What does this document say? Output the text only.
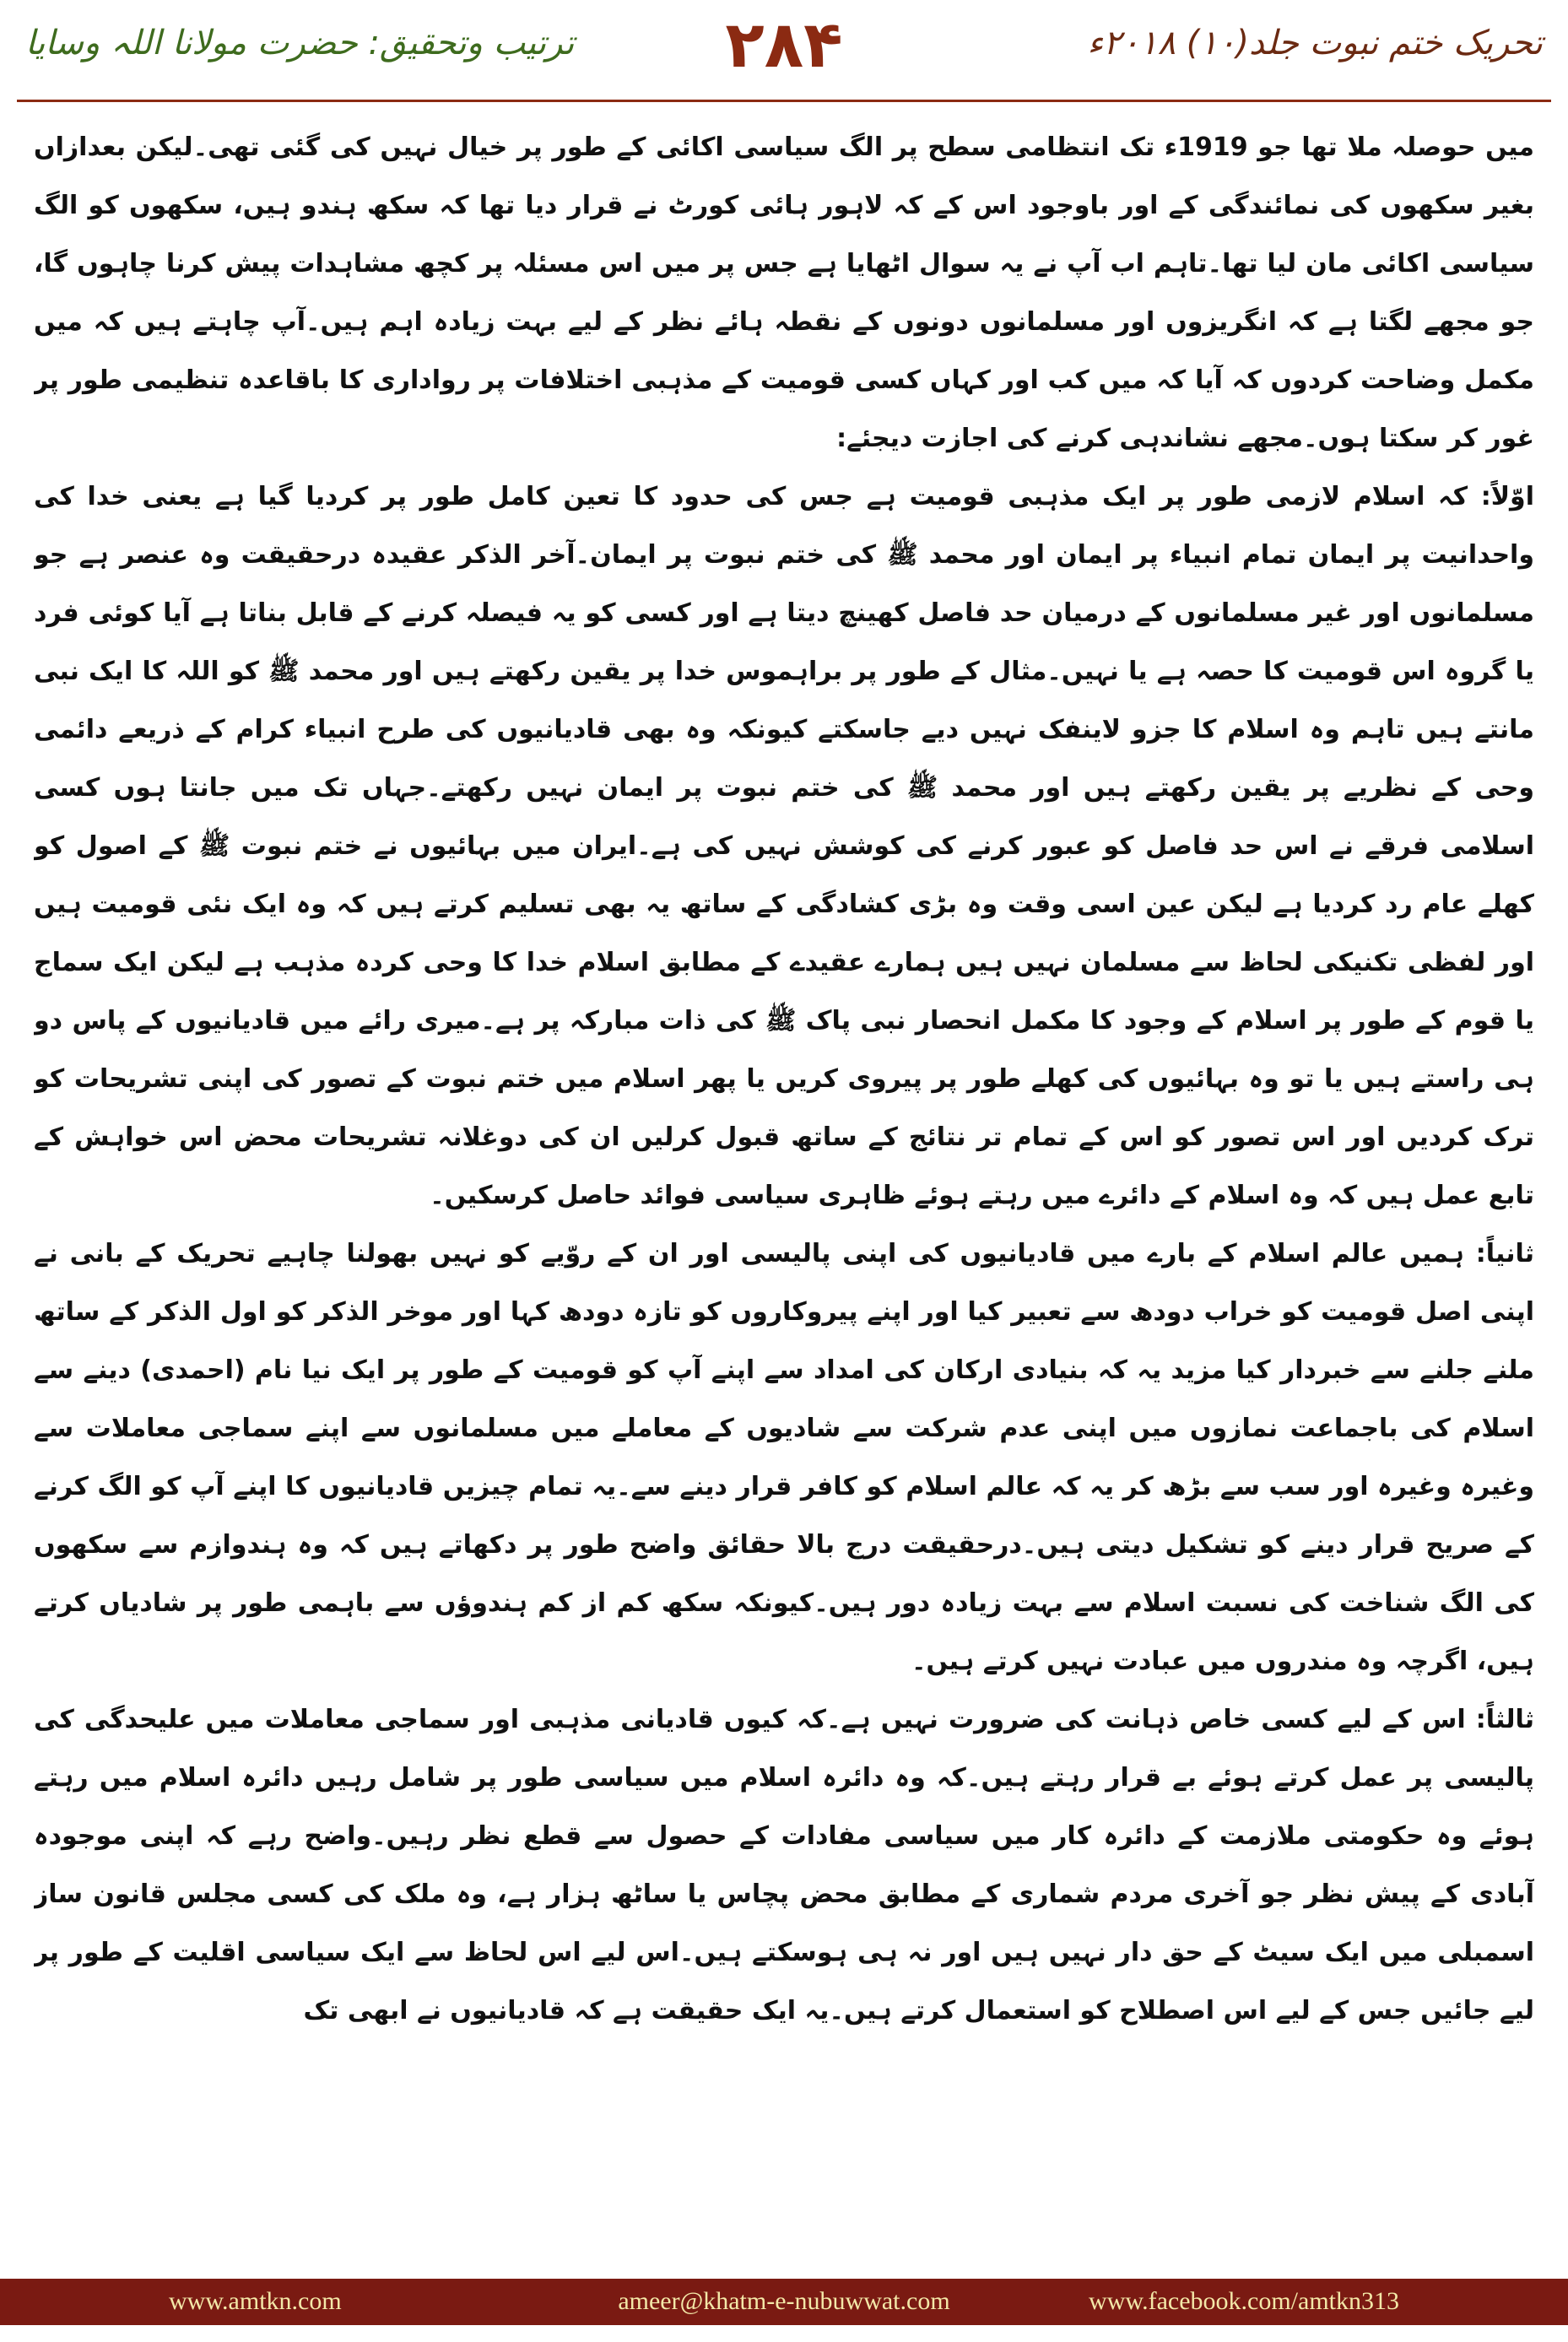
تحریک ختم نبوت جلد(۱۰) ۲۰۱۸ء
۲۸۴
ترتیب وتحقیق: حضرت مولانا اللہ وسایا

میں حوصلہ ملا تھا جو 1919ء تک انتظامی سطح پر الگ سیاسی اکائی کے طور پر خیال نہیں کی گئی تھی۔لیکن بعدازاں بغیر سکھوں کی نمائندگی کے اور باوجود اس کے کہ لاہور ہائی کورٹ نے قرار دیا تھا کہ سکھ ہندو ہیں، سکھوں کو الگ سیاسی اکائی مان لیا تھا۔تاہم اب آپ نے یہ سوال اٹھایا ہے جس پر میں اس مسئلہ پر کچھ مشاہدات پیش کرنا چاہوں گا، جو مجھے لگتا ہے کہ انگریزوں اور مسلمانوں دونوں کے نقطہ ہائے نظر کے لیے بہت زیادہ اہم ہیں۔آپ چاہتے ہیں کہ میں مکمل وضاحت کردوں کہ آیا کہ میں کب اور کہاں کسی قومیت کے مذہبی اختلافات پر رواداری کا باقاعدہ تنظیمی طور پر غور کر سکتا ہوں۔مجھے نشاندہی کرنے کی اجازت دیجئے:

اوّلاً: کہ اسلام لازمی طور پر ایک مذہبی قومیت ہے جس کی حدود کا تعین کامل طور پر کردیا گیا ہے یعنی خدا کی واحدانیت پر ایمان تمام انبیاء پر ایمان اور محمد ﷺ کی ختم نبوت پر ایمان۔آخر الذکر عقیدہ درحقیقت وہ عنصر ہے جو مسلمانوں اور غیر مسلمانوں کے درمیان حد فاصل کھینچ دیتا ہے اور کسی کو یہ فیصلہ کرنے کے قابل بناتا ہے آیا کوئی فرد یا گروہ اس قومیت کا حصہ ہے یا نہیں۔مثال کے طور پر براہموس خدا پر یقین رکھتے ہیں اور محمد ﷺ کو اللہ کا ایک نبی مانتے ہیں تاہم وہ اسلام کا جزو لاینفک نہیں دیے جاسکتے کیونکہ وہ بھی قادیانیوں کی طرح انبیاء کرام کے ذریعے دائمی وحی کے نظریے پر یقین رکھتے ہیں اور محمد ﷺ کی ختم نبوت پر ایمان نہیں رکھتے۔جہاں تک میں جانتا ہوں کسی اسلامی فرقے نے اس حد فاصل کو عبور کرنے کی کوشش نہیں کی ہے۔ایران میں بہائیوں نے ختم نبوت ﷺ کے اصول کو کھلے عام رد کردیا ہے لیکن عین اسی وقت وہ بڑی کشادگی کے ساتھ یہ بھی تسلیم کرتے ہیں کہ وہ ایک نئی قومیت ہیں اور لفظی تکنیکی لحاظ سے مسلمان نہیں ہیں ہمارے عقیدے کے مطابق اسلام خدا کا وحی کردہ مذہب ہے لیکن ایک سماج یا قوم کے طور پر اسلام کے وجود کا مکمل انحصار نبی پاک ﷺ کی ذات مبارکہ پر ہے۔میری رائے میں قادیانیوں کے پاس دو ہی راستے ہیں یا تو وہ بہائیوں کی کھلے طور پر پیروی کریں یا پھر اسلام میں ختم نبوت کے تصور کی اپنی تشریحات کو ترک کردیں اور اس تصور کو اس کے تمام تر نتائج کے ساتھ قبول کرلیں ان کی دوغلانہ تشریحات محض اس خواہش کے تابع عمل ہیں کہ وہ اسلام کے دائرے میں رہتے ہوئے ظاہری سیاسی فوائد حاصل کرسکیں۔

ثانیاً: ہمیں عالم اسلام کے بارے میں قادیانیوں کی اپنی پالیسی اور ان کے روّیے کو نہیں بھولنا چاہیے تحریک کے بانی نے اپنی اصل قومیت کو خراب دودھ سے تعبیر کیا اور اپنے پیروکاروں کو تازہ دودھ کہا اور موخر الذکر کو اول الذکر کے ساتھ ملنے جلنے سے خبردار کیا مزید یہ کہ بنیادی ارکان کی امداد سے اپنے آپ کو قومیت کے طور پر ایک نیا نام (احمدی) دینے سے اسلام کی باجماعت نمازوں میں اپنی عدم شرکت سے شادیوں کے معاملے میں مسلمانوں سے اپنے سماجی معاملات سے وغیرہ وغیرہ اور سب سے بڑھ کر یہ کہ عالم اسلام کو کافر قرار دینے سے۔یہ تمام چیزیں قادیانیوں کا اپنے آپ کو الگ کرنے کے صریح قرار دینے کو تشکیل دیتی ہیں۔درحقیقت درج بالا حقائق واضح طور پر دکھاتے ہیں کہ وہ ہندوازم سے سکھوں کی الگ شناخت کی نسبت اسلام سے بہت زیادہ دور ہیں۔کیونکہ سکھ کم از کم ہندوؤں سے باہمی طور پر شادیاں کرتے ہیں، اگرچہ وہ مندروں میں عبادت نہیں کرتے ہیں۔

ثالثاً: اس کے لیے کسی خاص ذہانت کی ضرورت نہیں ہے۔کہ کیوں قادیانی مذہبی اور سماجی معاملات میں علیحدگی کی پالیسی پر عمل کرتے ہوئے بے قرار رہتے ہیں۔کہ وہ دائرہ اسلام میں سیاسی طور پر شامل رہیں دائرہ اسلام میں رہتے ہوئے وہ حکومتی ملازمت کے دائرہ کار میں سیاسی مفادات کے حصول سے قطع نظر رہیں۔واضح رہے کہ اپنی موجودہ آبادی کے پیش نظر جو آخری مردم شماری کے مطابق محض پچاس یا ساٹھ ہزار ہے، وہ ملک کی کسی مجلس قانون ساز اسمبلی میں ایک سیٹ کے حق دار نہیں ہیں اور نہ ہی ہوسکتے ہیں۔اس لیے اس لحاظ سے ایک سیاسی اقلیت کے طور پر لیے جائیں جس کے لیے اس اصطلاح کو استعمال کرتے ہیں۔یہ ایک حقیقت ہے کہ قادیانیوں نے ابھی تک

www.amtkn.com	ameer@khatm-e-nubuwwat.com	www.facebook.com/amtkn313
